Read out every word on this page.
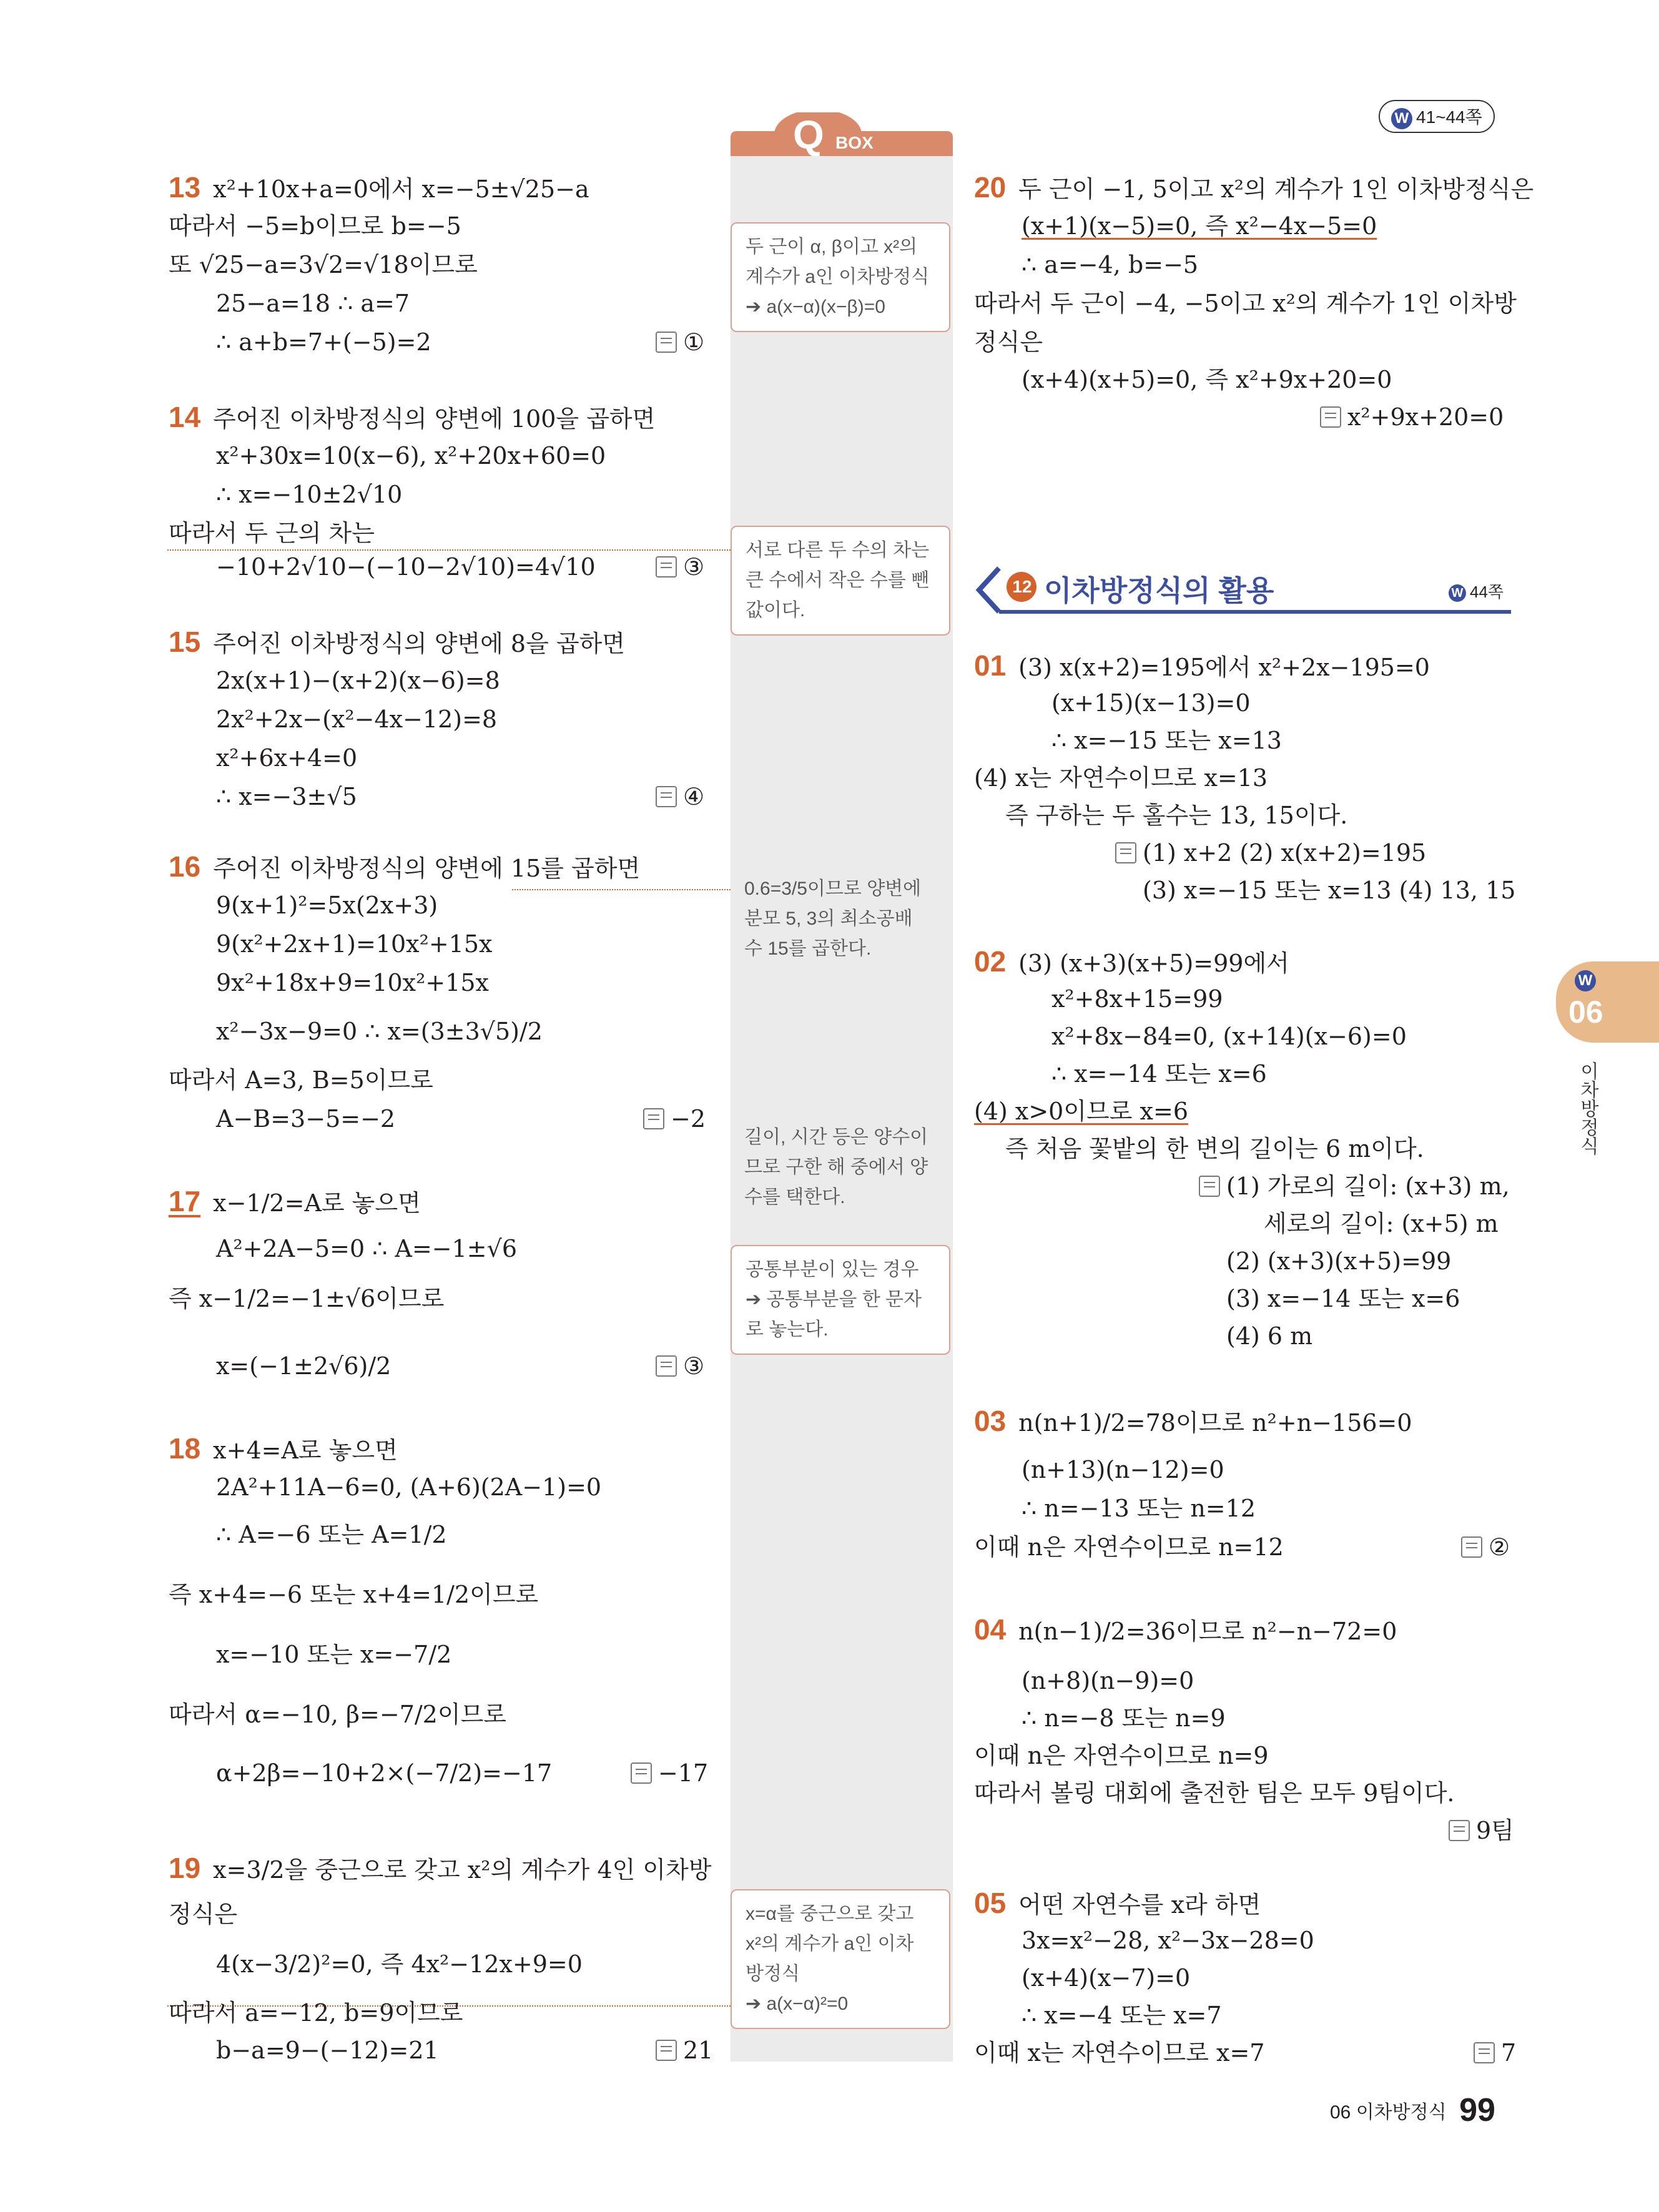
W 41~44쪽
Q BOX
두 근이 α, β이고 x²의
계수가 a인 이차방정식
➔ a(x−α)(x−β)=0
서로 다른 두 수의 차는
큰 수에서 작은 수를 뺀
값이다.
0.6=3/5이므로 양변에
분모 5, 3의 최소공배
수 15를 곱한다.
길이, 시간 등은 양수이
므로 구한 해 중에서 양
수를 택한다.
공통부분이 있는 경우
➔ 공통부분을 한 문자
로 놓는다.
x=α를 중근으로 갖고
x²의 계수가 a인 이차
방정식
➔ a(x−α)²=0
13 x²+10x+a=0에서 x=−5±√25−a
따라서 −5=b이므로 b=−5
또 √25−a=3√2=√18이므로
25−a=18 ∴ a=7
∴ a+b=7+(−5)=2	①
14 주어진 이차방정식의 양변에 100을 곱하면
x²+30x=10(x−6), x²+20x+60=0
∴ x=−10±2√10
따라서 두 근의 차는
−10+2√10−(−10−2√10)=4√10	③
15 주어진 이차방정식의 양변에 8을 곱하면
2x(x+1)−(x+2)(x−6)=8
2x²+2x−(x²−4x−12)=8
x²+6x+4=0
∴ x=−3±√5	④
16 주어진 이차방정식의 양변에 15를 곱하면
9(x+1)²=5x(2x+3)
9(x²+2x+1)=10x²+15x
9x²+18x+9=10x²+15x
x²−3x−9=0 ∴ x=(3±3√5)/2
따라서 A=3, B=5이므로
A−B=3−5=−2	−2
17 x−1/2=A로 놓으면
A²+2A−5=0 ∴ A=−1±√6
즉 x−1/2=−1±√6이므로
x=(−1±2√6)/2	③
18 x+4=A로 놓으면
2A²+11A−6=0, (A+6)(2A−1)=0
∴ A=−6 또는 A=1/2
즉 x+4=−6 또는 x+4=1/2이므로
x=−10 또는 x=−7/2
따라서 α=−10, β=−7/2이므로
α+2β=−10+2×(−7/2)=−17	−17
19 x=3/2을 중근으로 갖고 x²의 계수가 4인 이차방
정식은
4(x−3/2)²=0, 즉 4x²−12x+9=0
따라서 a=−12, b=9이므로
b−a=9−(−12)=21	21
20 두 근이 −1, 5이고 x²의 계수가 1인 이차방정식은
(x+1)(x−5)=0, 즉 x²−4x−5=0
∴ a=−4, b=−5
따라서 두 근이 −4, −5이고 x²의 계수가 1인 이차방
정식은
(x+4)(x+5)=0, 즉 x²+9x+20=0
x²+9x+20=0
12 이차방정식의 활용	W 44쪽
01 (3) x(x+2)=195에서 x²+2x−195=0
(x+15)(x−13)=0
∴ x=−15 또는 x=13
(4) x는 자연수이므로 x=13
즉 구하는 두 홀수는 13, 15이다.
(1) x+2 (2) x(x+2)=195
(3) x=−15 또는 x=13 (4) 13, 15
02 (3) (x+3)(x+5)=99에서
x²+8x+15=99
x²+8x−84=0, (x+14)(x−6)=0
∴ x=−14 또는 x=6
(4) x>0이므로 x=6
즉 처음 꽃밭의 한 변의 길이는 6 m이다.
(1) 가로의 길이: (x+3) m,
세로의 길이: (x+5) m
(2) (x+3)(x+5)=99
(3) x=−14 또는 x=6
(4) 6 m
03 n(n+1)/2=78이므로 n²+n−156=0
(n+13)(n−12)=0
∴ n=−13 또는 n=12
이때 n은 자연수이므로 n=12	②
04 n(n−1)/2=36이므로 n²−n−72=0
(n+8)(n−9)=0
∴ n=−8 또는 n=9
이때 n은 자연수이므로 n=9
따라서 볼링 대회에 출전한 팀은 모두 9팀이다.
9팀
05 어떤 자연수를 x라 하면
3x=x²−28, x²−3x−28=0
(x+4)(x−7)=0
∴ x=−4 또는 x=7
이때 x는 자연수이므로 x=7	7
W
06
이차방정식
06 이차방정식 99
